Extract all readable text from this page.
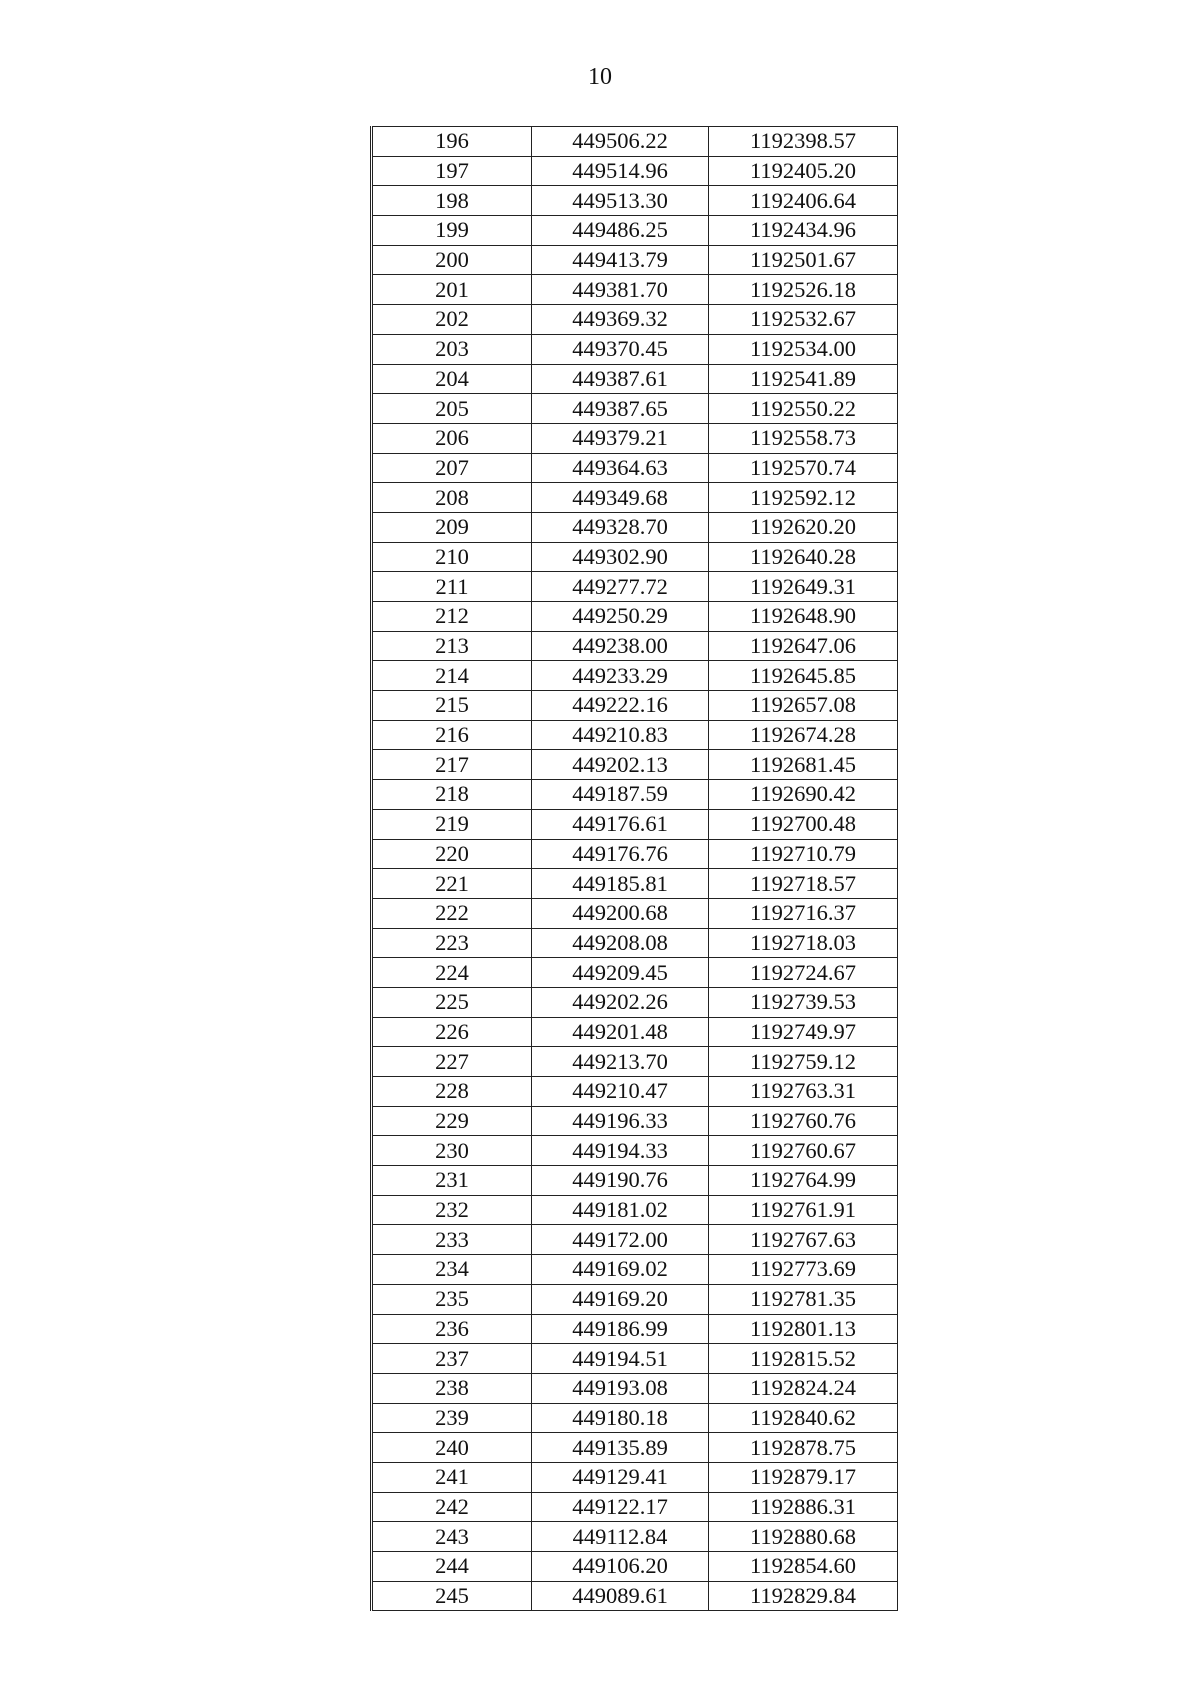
10
196	449506.22	1192398.57
197	449514.96	1192405.20
198	449513.30	1192406.64
199	449486.25	1192434.96
200	449413.79	1192501.67
201	449381.70	1192526.18
202	449369.32	1192532.67
203	449370.45	1192534.00
204	449387.61	1192541.89
205	449387.65	1192550.22
206	449379.21	1192558.73
207	449364.63	1192570.74
208	449349.68	1192592.12
209	449328.70	1192620.20
210	449302.90	1192640.28
211	449277.72	1192649.31
212	449250.29	1192648.90
213	449238.00	1192647.06
214	449233.29	1192645.85
215	449222.16	1192657.08
216	449210.83	1192674.28
217	449202.13	1192681.45
218	449187.59	1192690.42
219	449176.61	1192700.48
220	449176.76	1192710.79
221	449185.81	1192718.57
222	449200.68	1192716.37
223	449208.08	1192718.03
224	449209.45	1192724.67
225	449202.26	1192739.53
226	449201.48	1192749.97
227	449213.70	1192759.12
228	449210.47	1192763.31
229	449196.33	1192760.76
230	449194.33	1192760.67
231	449190.76	1192764.99
232	449181.02	1192761.91
233	449172.00	1192767.63
234	449169.02	1192773.69
235	449169.20	1192781.35
236	449186.99	1192801.13
237	449194.51	1192815.52
238	449193.08	1192824.24
239	449180.18	1192840.62
240	449135.89	1192878.75
241	449129.41	1192879.17
242	449122.17	1192886.31
243	449112.84	1192880.68
244	449106.20	1192854.60
245	449089.61	1192829.84
